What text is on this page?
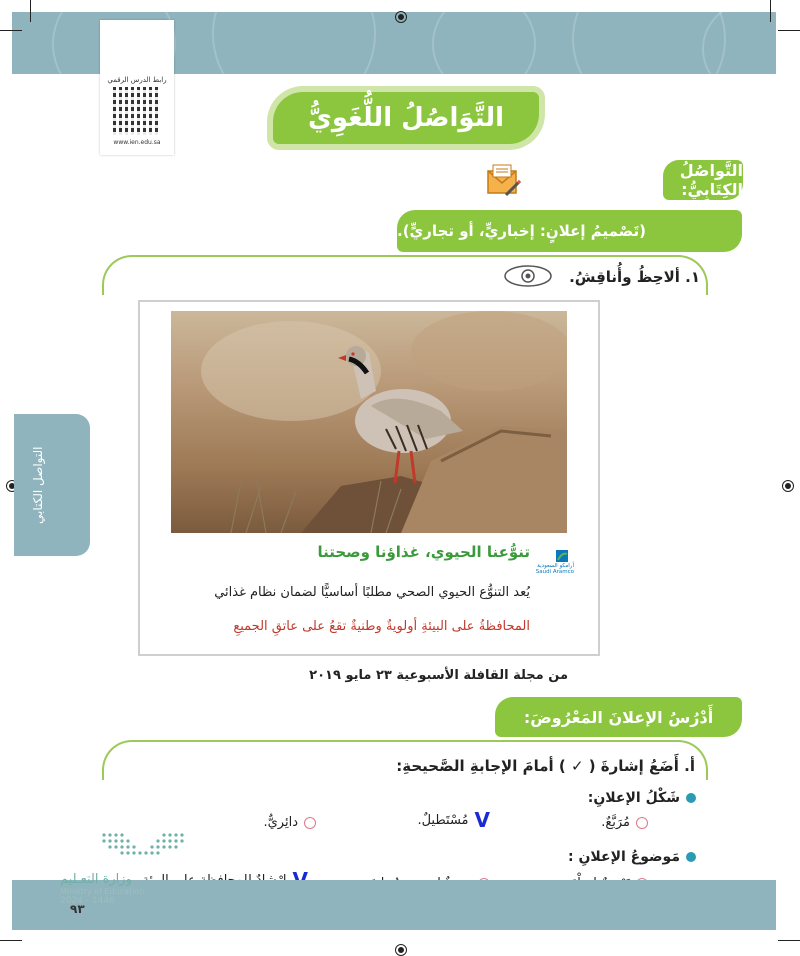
رابط الدرس الرقمي
www.ien.edu.sa
التَّوَاصُلُ اللُّغَوِيُّ
التَّواصُلُ الكِتَابِيُّ:
(تَصْميمُ إعلانٍ: إخباريٍّ، أو تجاريٍّ).
١. ألاحِظُ وأُناقِشُ.
تنوُّعنا الحيوي، غذاؤنا وصحتنا
أرامكو السعودية
Saudi Aramco
يُعد التنوُّع الحيوي الصحي مطلبًا أساسيًّا لضمان نظام غذائي
المحافظةُ على البيئةِ أولويةٌ وطنيةٌ تقعُ على عاتقِ الجميعِ
من مجلة القافلة الأسبوعية ٢٣ مايو ٢٠١٩
أَدْرُسُ الإعلانَ المَعْرُوضَ:
أ. أَضَعُ إشارةَ ( ✓ ) أمامَ الإجابةِ الصَّحيحةِ:
شَكْلُ الإعلانِ:
مُرَبَّعٌ.
V
مُسْتَطيلٌ.
دائِريٌّ.
مَوضوعُ الإعلانِ :
التواصل الكتابي
وزارة التعـليم
Ministry of Education
2024 - 1446
٩٣
